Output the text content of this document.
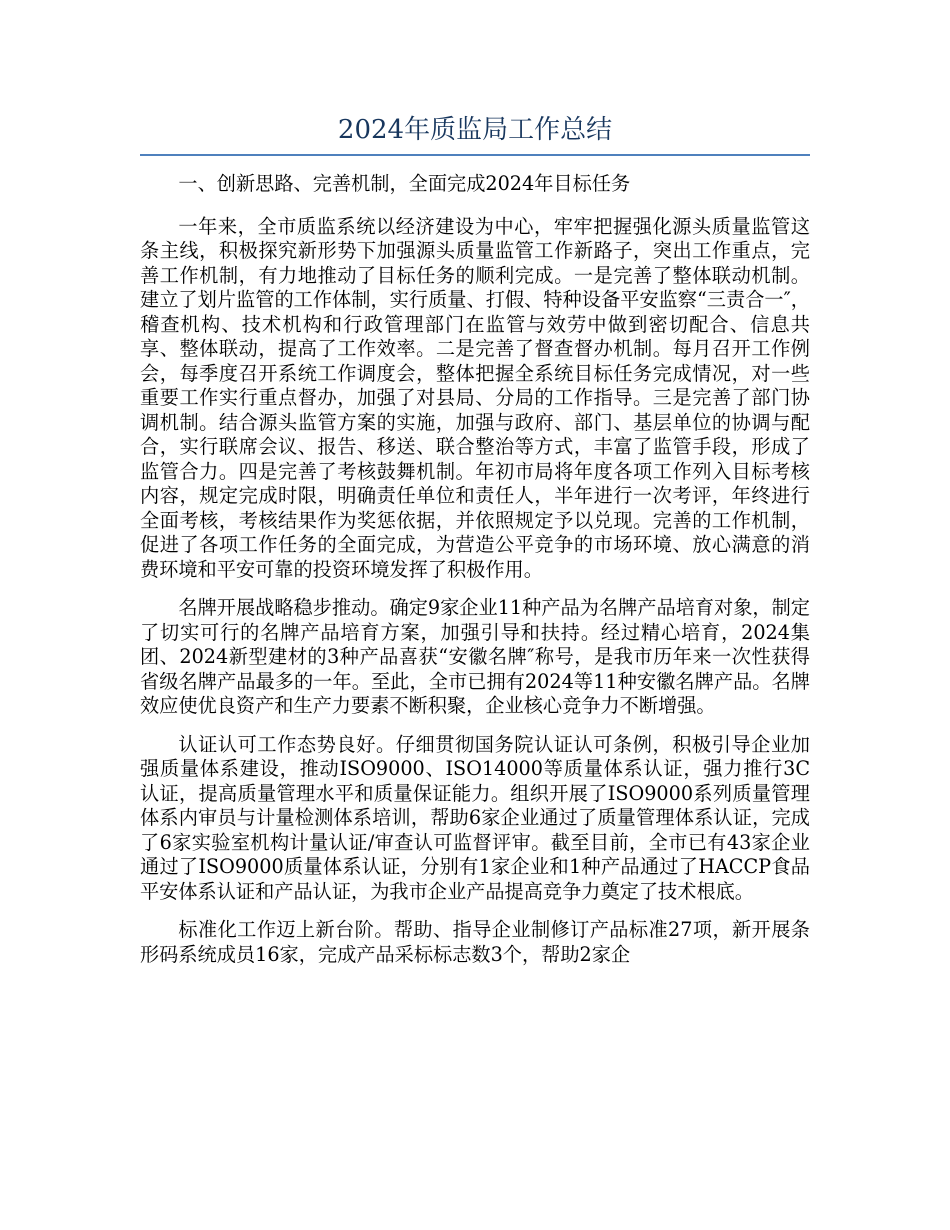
2024年质监局工作总结

一、创新思路、完善机制，全面完成2024年目标任务

一年来，全市质监系统以经济建设为中心，牢牢把握强化源头质量监管这条主线，积极探究新形势下加强源头质量监管工作新路子，突出工作重点，完善工作机制，有力地推动了目标任务的顺利完成。一是完善了整体联动机制。建立了划片监管的工作体制，实行质量、打假、特种设备平安监察“三责合一″，稽查机构、技术机构和行政管理部门在监管与效劳中做到密切配合、信息共享、整体联动，提高了工作效率。二是完善了督查督办机制。每月召开工作例会，每季度召开系统工作调度会，整体把握全系统目标任务完成情况，对一些重要工作实行重点督办，加强了对县局、分局的工作指导。三是完善了部门协调机制。结合源头监管方案的实施，加强与政府、部门、基层单位的协调与配合，实行联席会议、报告、移送、联合整治等方式，丰富了监管手段，形成了监管合力。四是完善了考核鼓舞机制。年初市局将年度各项工作列入目标考核内容，规定完成时限，明确责任单位和责任人，半年进行一次考评，年终进行全面考核，考核结果作为奖惩依据，并依照规定予以兑现。完善的工作机制，促进了各项工作任务的全面完成，为营造公平竞争的市场环境、放心满意的消费环境和平安可靠的投资环境发挥了积极作用。

名牌开展战略稳步推动。确定9家企业11种产品为名牌产品培育对象，制定了切实可行的名牌产品培育方案，加强引导和扶持。经过精心培育，2024集团、2024新型建材的3种产品喜获“安徽名牌″称号，是我市历年来一次性获得省级名牌产品最多的一年。至此，全市已拥有2024等11种安徽名牌产品。名牌效应使优良资产和生产力要素不断积聚，企业核心竞争力不断增强。

认证认可工作态势良好。仔细贯彻国务院认证认可条例，积极引导企业加强质量体系建设，推动ISO9000、ISO14000等质量体系认证，强力推行3C认证，提高质量管理水平和质量保证能力。组织开展了ISO9000系列质量管理体系内审员与计量检测体系培训，帮助6家企业通过了质量管理体系认证，完成了6家实验室机构计量认证/审查认可监督评审。截至目前，全市已有43家企业通过了ISO9000质量体系认证，分别有1家企业和1种产品通过了HACCP食品平安体系认证和产品认证，为我市企业产品提高竞争力奠定了技术根底。

标准化工作迈上新台阶。帮助、指导企业制修订产品标准27项，新开展条形码系统成员16家，完成产品采标标志数3个，帮助2家企
